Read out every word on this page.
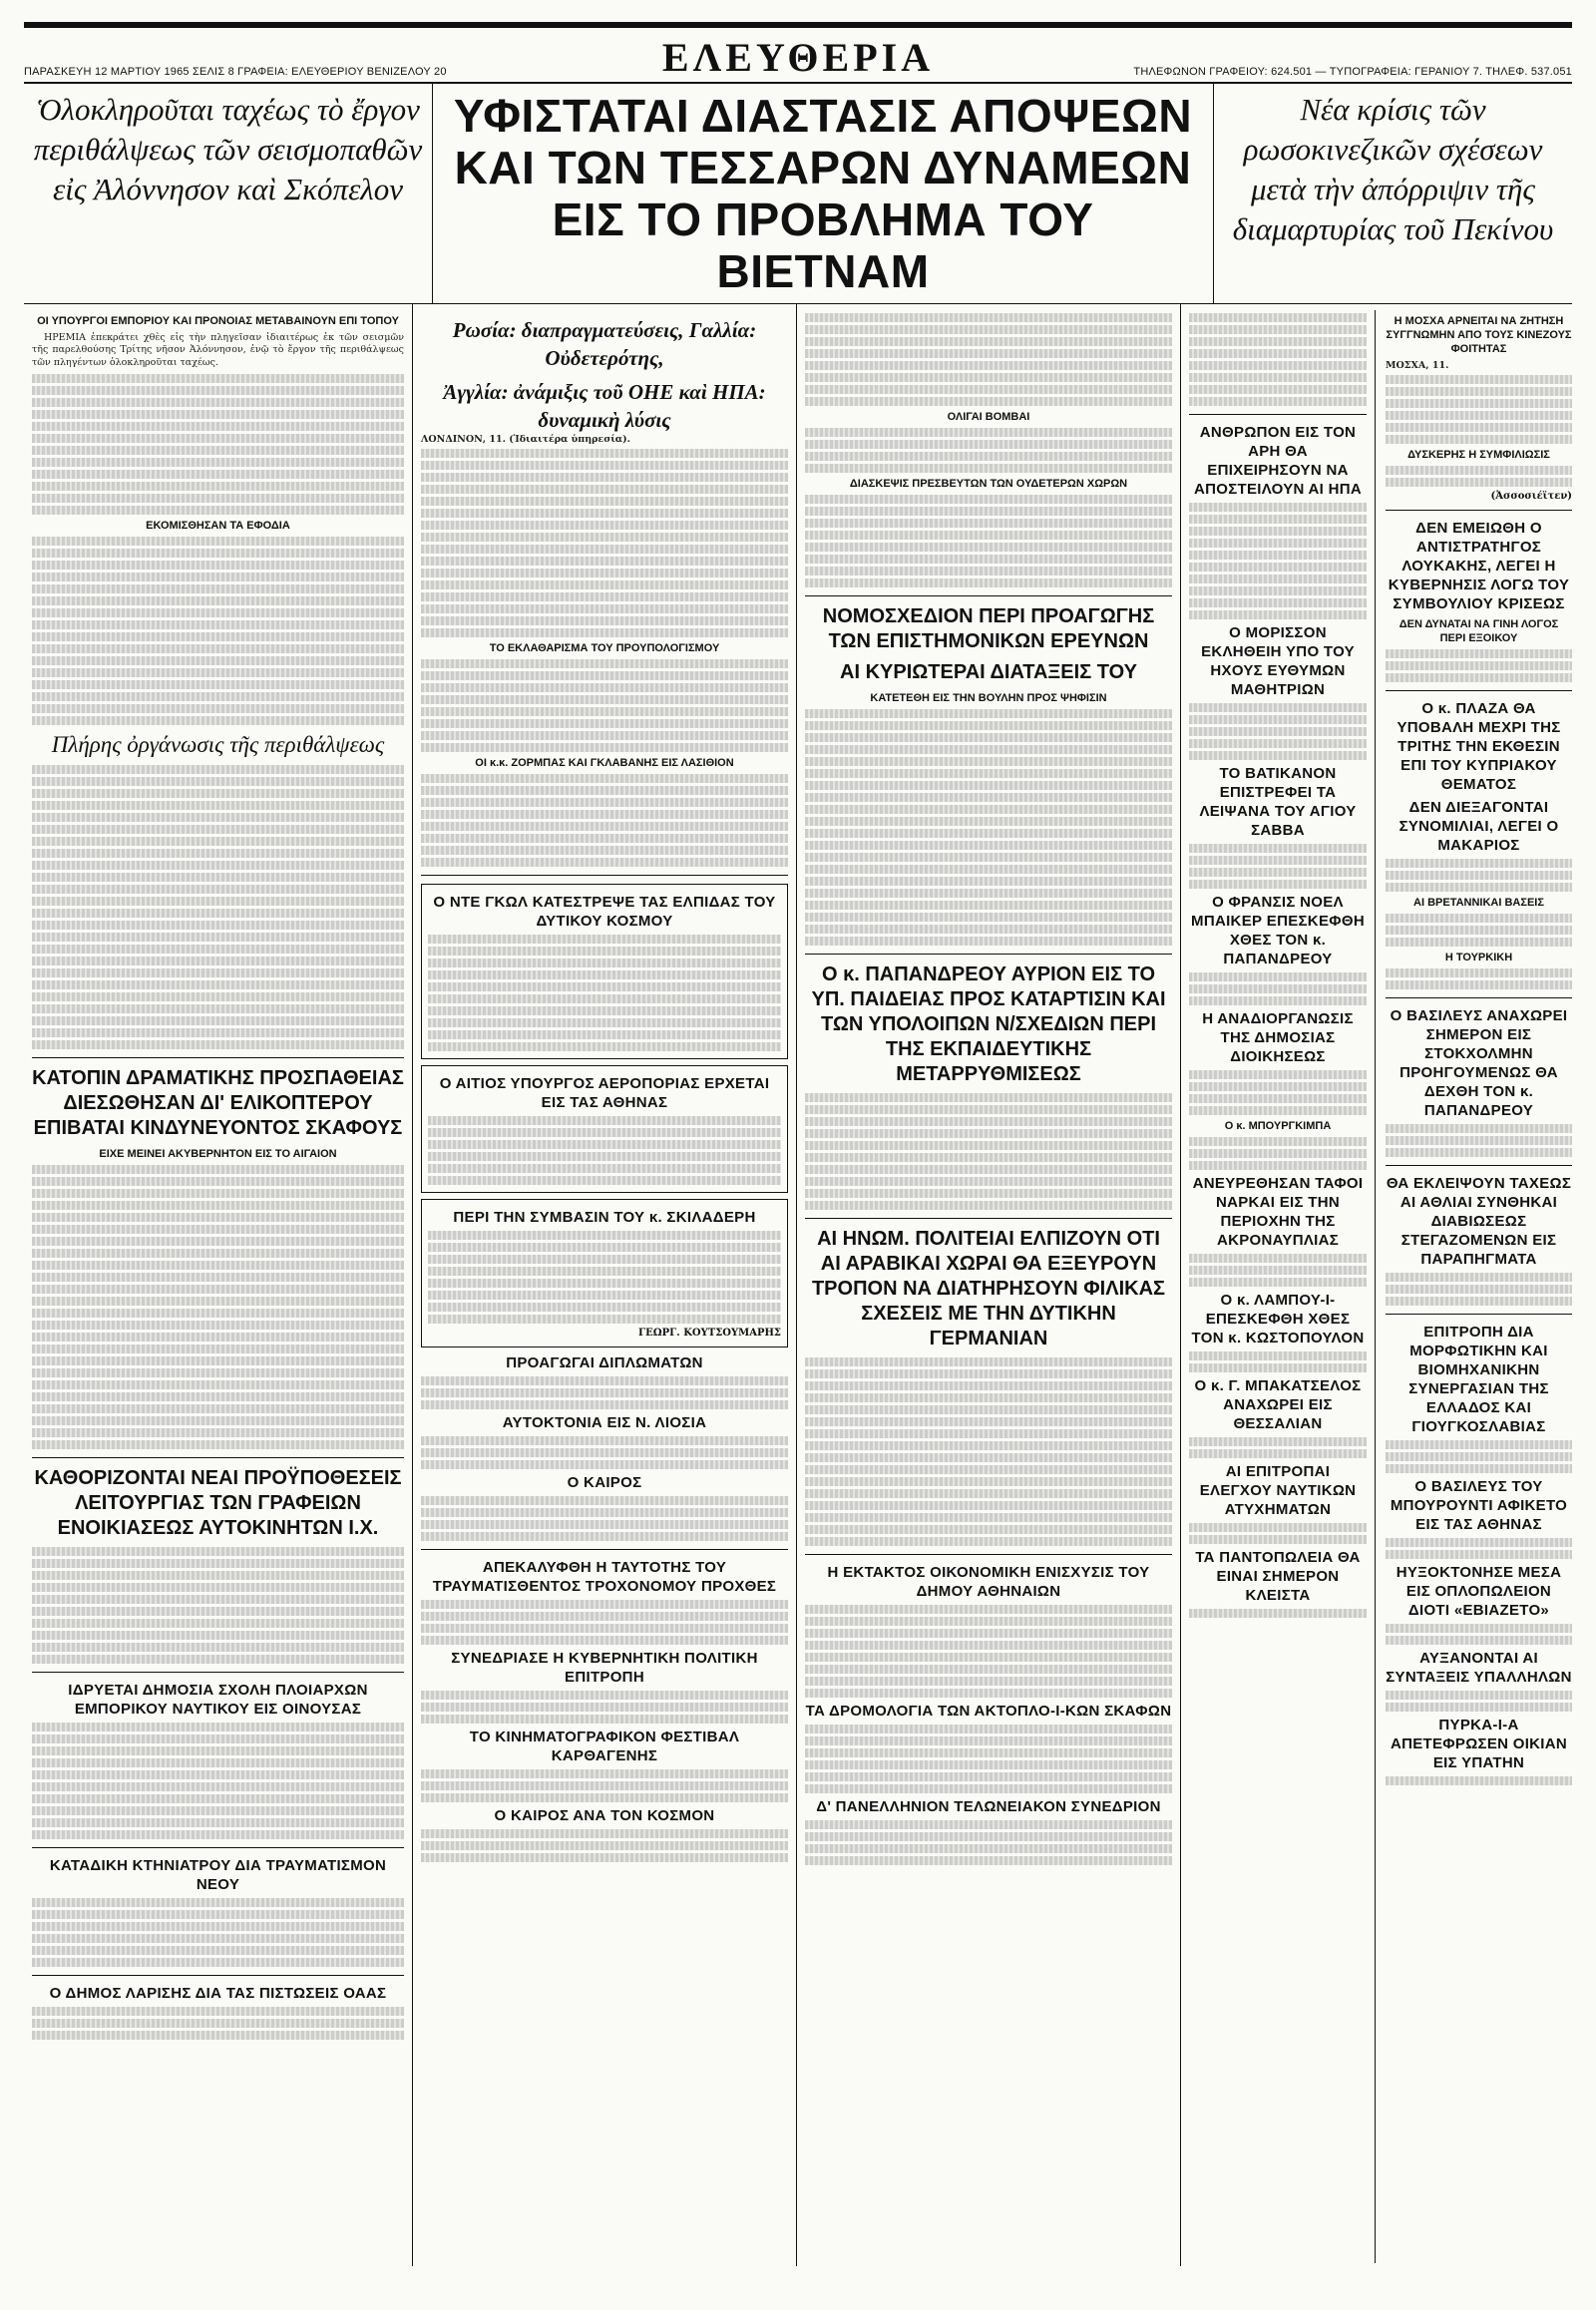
ΠΑΡΑΣΚΕΥΗ 12 ΜΑΡΤΙΟΥ 1965 ΣΕΛΙΣ 8 ΓΡΑΦΕΙΑ: ΕΛΕΥΘΕΡΙΟΥ ΒΕΝΙΖΕΛΟΥ 20	ΕΛΕΥΘΕΡΙΑ	ΤΗΛΕΦΩΝΟΝ ΓΡΑΦΕΙΟΥ: 624.501 — ΤΥΠΟΓΡΑΦΕΙΑ: ΓΕΡΑΝΙΟΥ 7. ΤΗΛΕΦ. 537.051
Ὁλοκληροῦται ταχέως τὸ ἔργον περιθάλψεως τῶν σεισμοπαθῶν εἰς Ἀλόννησον καὶ Σκόπελον
ΥΦΙΣΤΑΤΑΙ ΔΙΑΣΤΑΣΙΣ ΑΠΟΨΕΩΝ
ΚΑΙ ΤΩΝ ΤΕΣΣΑΡΩΝ ΔΥΝΑΜΕΩΝ
ΕΙΣ ΤΟ ΠΡΟΒΛΗΜΑ ΤΟΥ ΒΙΕΤΝΑΜ
Νέα κρίσις τῶν ρωσοκινεζικῶν σχέσεων μετὰ τὴν ἀπόρριψιν τῆς διαμαρτυρίας τοῦ Πεκίνου
ΟΙ ΥΠΟΥΡΓΟΙ ΕΜΠΟΡΙΟΥ ΚΑΙ ΠΡΟΝΟΙΑΣ ΜΕΤΑΒΑΙΝΟΥΝ ΕΠΙ ΤΟΠΟΥ

ΗΡΕΜΙΑ ἐπεκράτει χθὲς εἰς τὴν πληγεῖσαν ἰδιαιτέρως ἐκ τῶν σεισμῶν τῆς παρελθούσης Τρίτης νῆσον Ἀλόννησον, ἐνῷ τὸ ἔργον τῆς περιθάλψεως τῶν πληγέντων ὁλοκληροῦται ταχέως.

ΕΚΟΜΙΣΘΗΣΑΝ ΤΑ ΕΦΟΔΙΑ
Πλήρης ὀργάνωσις τῆς περιθάλψεως
ΚΑΤΟΠΙΝ ΔΡΑΜΑΤΙΚΗΣ ΠΡΟΣΠΑΘΕΙΑΣ ΔΙΕΣΩΘΗΣΑΝ ΔΙ' ΕΛΙΚΟΠΤΕΡΟΥ ΕΠΙΒΑΤΑΙ ΚΙΝΔΥΝΕΥΟΝΤΟΣ ΣΚΑΦΟΥΣ
ΕΙΧΕ ΜΕΙΝΕΙ ΑΚΥΒΕΡΝΗΤΟΝ ΕΙΣ ΤΟ ΑΙΓΑΙΟΝ
ΚΑΘΟΡΙΖΟΝΤΑΙ ΝΕΑΙ ΠΡΟΫΠΟΘΕΣΕΙΣ ΛΕΙΤΟΥΡΓΙΑΣ ΤΩΝ ΓΡΑΦΕΙΩΝ ΕΝΟΙΚΙΑΣΕΩΣ ΑΥΤΟΚΙΝΗΤΩΝ Ι.Χ.
ΙΔΡΥΕΤΑΙ ΔΗΜΟΣΙΑ ΣΧΟΛΗ ΠΛΟΙΑΡΧΩΝ ΕΜΠΟΡΙΚΟΥ ΝΑΥΤΙΚΟΥ ΕΙΣ ΟΙΝΟΥΣΑΣ
ΚΑΤΑΔΙΚΗ ΚΤΗΝΙΑΤΡΟΥ ΔΙΑ ΤΡΑΥΜΑΤΙΣΜΟΝ ΝΕΟΥ
Ο ΔΗΜΟΣ ΛΑΡΙΣΗΣ ΔΙΑ ΤΑΣ ΠΙΣΤΩΣΕΙΣ ΟΑΑΣ
Ρωσία: διαπραγματεύσεις, Γαλλία: Οὐδετερότης,
Ἀγγλία: ἀνάμιξις τοῦ ΟΗΕ καὶ ΗΠΑ: δυναμικὴ λύσις
ΛΟΝΔΙΝΟΝ, 11. (Ἰδιαιτέρα ὑπηρεσία).
ΤΟ ΕΚΛΑΘΑΡΙΣΜΑ ΤΟΥ ΠΡΟΥΠΟΛΟΓΙΣΜΟΥ
ΟΙ κ.κ. ΖΟΡΜΠΑΣ ΚΑΙ ΓΚΛΑΒΑΝΗΣ ΕΙΣ ΛΑΣΙΘΙΟΝ
Ο ΝΤΕ ΓΚΩΛ ΚΑΤΕΣΤΡΕΨΕ ΤΑΣ ΕΛΠΙΔΑΣ ΤΟΥ ΔΥΤΙΚΟΥ ΚΟΣΜΟΥ
Ο ΑΙΤΙΟΣ ΥΠΟΥΡΓΟΣ ΑΕΡΟΠΟΡΙΑΣ ΕΡΧΕΤΑΙ ΕΙΣ ΤΑΣ ΑΘΗΝΑΣ
ΠΕΡΙ ΤΗΝ ΣΥΜΒΑΣΙΝ ΤΟΥ κ. ΣΚΙΛΑΔΕΡΗ
ΓΕΩΡΓ. ΚΟΥΤΣΟΥΜΑΡΗΣ
ΠΡΟΑΓΩΓΑΙ ΔΙΠΛΩΜΑΤΩΝ
ΑΥΤΟΚΤΟΝΙΑ ΕΙΣ Ν. ΛΙΟΣΙΑ
Ο ΚΑΙΡΟΣ
ΑΠΕΚΑΛΥΦΘΗ Η ΤΑΥΤΟΤΗΣ ΤΟΥ ΤΡΑΥΜΑΤΙΣΘΕΝΤΟΣ ΤΡΟΧΟΝΟΜΟΥ ΠΡΟΧΘΕΣ
ΣΥΝΕΔΡΙΑΣΕ Η ΚΥΒΕΡΝΗΤΙΚΗ ΠΟΛΙΤΙΚΗ ΕΠΙΤΡΟΠΗ
ΤΟ ΚΙΝΗΜΑΤΟΓΡΑΦΙΚΟΝ ΦΕΣΤΙΒΑΛ ΚΑΡΘΑΓΕΝΗΣ
Ο ΚΑΙΡΟΣ ΑΝΑ ΤΟΝ ΚΟΣΜΟΝ
ΟΛΙΓΑΙ ΒΟΜΒΑΙ
ΔΙΑΣΚΕΨΙΣ ΠΡΕΣΒΕΥΤΩΝ ΤΩΝ ΟΥΔΕΤΕΡΩΝ ΧΩΡΩΝ
ΝΟΜΟΣΧΕΔΙΟΝ ΠΕΡΙ ΠΡΟΑΓΩΓΗΣ ΤΩΝ ΕΠΙΣΤΗΜΟΝΙΚΩΝ ΕΡΕΥΝΩΝ
ΑΙ ΚΥΡΙΩΤΕΡΑΙ ΔΙΑΤΑΞΕΙΣ ΤΟΥ
ΚΑΤΕΤΕΘΗ ΕΙΣ ΤΗΝ ΒΟΥΛΗΝ ΠΡΟΣ ΨΗΦΙΣΙΝ
Ο κ. ΠΑΠΑΝΔΡΕΟΥ ΑΥΡΙΟΝ ΕΙΣ ΤΟ ΥΠ. ΠΑΙΔΕΙΑΣ ΠΡΟΣ ΚΑΤΑΡΤΙΣΙΝ ΚΑΙ ΤΩΝ ΥΠΟΛΟΙΠΩΝ Ν/ΣΧΕΔΙΩΝ ΠΕΡΙ ΤΗΣ ΕΚΠΑΙΔΕΥΤΙΚΗΣ ΜΕΤΑΡΡΥΘΜΙΣΕΩΣ
ΑΙ ΗΝΩΜ. ΠΟΛΙΤΕΙΑΙ ΕΛΠΙΖΟΥΝ ΟΤΙ ΑΙ ΑΡΑΒΙΚΑΙ ΧΩΡΑΙ ΘΑ ΕΞΕΥΡΟΥΝ ΤΡΟΠΟΝ ΝΑ ΔΙΑΤΗΡΗΣΟΥΝ ΦΙΛΙΚΑΣ ΣΧΕΣΕΙΣ ΜΕ ΤΗΝ ΔΥΤΙΚΗΝ ΓΕΡΜΑΝΙΑΝ
Η ΕΚΤΑΚΤΟΣ ΟΙΚΟΝΟΜΙΚΗ ΕΝΙΣΧΥΣΙΣ ΤΟΥ ΔΗΜΟΥ ΑΘΗΝΑΙΩΝ
ΤΑ ΔΡΟΜΟΛΟΓΙΑ ΤΩΝ ΑΚΤΟΠΛΟ-Ι-ΚΩΝ ΣΚΑΦΩΝ
Δ' ΠΑΝΕΛΛΗΝΙΟΝ ΤΕΛΩΝΕΙΑΚΟΝ ΣΥΝΕΔΡΙΟΝ
ΑΝΘΡΩΠΟΝ ΕΙΣ ΤΟΝ ΑΡΗ ΘΑ ΕΠΙΧΕΙΡΗΣΟΥΝ ΝΑ ΑΠΟΣΤΕΙΛΟΥΝ ΑΙ ΗΠΑ
Ο ΜΟΡΙΣΣΟΝ ΕΚΛΗΘΕΙΗ ΥΠΟ ΤΟΥ ΗΧΟΥΣ ΕΥΘΥΜΩΝ ΜΑΘΗΤΡΙΩΝ
ΤΟ ΒΑΤΙΚΑΝΟΝ ΕΠΙΣΤΡΕΦΕΙ ΤΑ ΛΕΙΨΑΝΑ ΤΟΥ ΑΓΙΟΥ ΣΑΒΒΑ
Ο ΦΡΑΝΣΙΣ ΝΟΕΛ ΜΠΑΙΚΕΡ ΕΠΕΣΚΕΦΘΗ ΧΘΕΣ ΤΟΝ κ. ΠΑΠΑΝΔΡΕΟΥ
Η ΑΝΑΔΙΟΡΓΑΝΩΣΙΣ ΤΗΣ ΔΗΜΟΣΙΑΣ ΔΙΟΙΚΗΣΕΩΣ
Ο κ. ΜΠΟΥΡΓΚΙΜΠΑ
ΑΝΕΥΡΕΘΗΣΑΝ ΤΑΦΟΙ ΝΑΡΚΑΙ ΕΙΣ ΤΗΝ ΠΕΡΙΟΧΗΝ ΤΗΣ ΑΚΡΟΝΑΥΠΛΙΑΣ
Ο κ. ΛΑΜΠΟΥ-Ι-ΕΠΕΣΚΕΦΘΗ ΧΘΕΣ ΤΟΝ κ. ΚΩΣΤΟΠΟΥΛΟΝ
Ο κ. Γ. ΜΠΑΚΑΤΣΕΛΟΣ ΑΝΑΧΩΡΕΙ ΕΙΣ ΘΕΣΣΑΛΙΑΝ
ΑΙ ΕΠΙΤΡΟΠΑΙ ΕΛΕΓΧΟΥ ΝΑΥΤΙΚΩΝ ΑΤΥΧΗΜΑΤΩΝ
ΤΑ ΠΑΝΤΟΠΩΛΕΙΑ ΘΑ ΕΙΝΑΙ ΣΗΜΕΡΟΝ ΚΛΕΙΣΤΑ
Η ΜΟΣΧΑ ΑΡΝΕΙΤΑΙ ΝΑ ΖΗΤΗΣΗ ΣΥΓΓΝΩΜΗΝ ΑΠΟ ΤΟΥΣ ΚΙΝΕΖΟΥΣ ΦΟΙΤΗΤΑΣ
ΜΟΣΧΑ, 11.
ΔΥΣΚΕΡΗΣ Η ΣΥΜΦΙΛΙΩΣΙΣ
(Ἀσσοσιέϊτεν)
ΔΕΝ ΕΜΕΙΩΘΗ Ο ΑΝΤΙΣΤΡΑΤΗΓΟΣ ΛΟΥΚΑΚΗΣ, ΛΕΓΕΙ Η ΚΥΒΕΡΝΗΣΙΣ ΛΟΓΩ ΤΟΥ ΣΥΜΒΟΥΛΙΟΥ ΚΡΙΣΕΩΣ
ΔΕΝ ΔΥΝΑΤΑΙ ΝΑ ΓΙΝΗ ΛΟΓΟΣ ΠΕΡΙ ΕΞΟΙΚΟΥ
Ο κ. ΠΛΑΖΑ ΘΑ ΥΠΟΒΑΛΗ ΜΕΧΡΙ ΤΗΣ ΤΡΙΤΗΣ ΤΗΝ ΕΚΘΕΣΙΝ ΕΠΙ ΤΟΥ ΚΥΠΡΙΑΚΟΥ ΘΕΜΑΤΟΣ
ΔΕΝ ΔΙΕΞΑΓΟΝΤΑΙ ΣΥΝΟΜΙΛΙΑΙ, ΛΕΓΕΙ Ο ΜΑΚΑΡΙΟΣ
ΑΙ ΒΡΕΤΑΝΝΙΚΑΙ ΒΑΣΕΙΣ
Η ΤΟΥΡΚΙΚΗ
Ο ΒΑΣΙΛΕΥΣ ΑΝΑΧΩΡΕΙ ΣΗΜΕΡΟΝ ΕΙΣ ΣΤΟΚΧΟΛΜΗΝ ΠΡΟΗΓΟΥΜΕΝΩΣ ΘΑ ΔΕΧΘΗ ΤΟΝ κ. ΠΑΠΑΝΔΡΕΟΥ
ΘΑ ΕΚΛΕΙΨΟΥΝ ΤΑΧΕΩΣ ΑΙ ΑΘΛΙΑΙ ΣΥΝΘΗΚΑΙ ΔΙΑΒΙΩΣΕΩΣ ΣΤΕΓΑΖΟΜΕΝΩΝ ΕΙΣ ΠΑΡΑΠΗΓΜΑΤΑ
ΕΠΙΤΡΟΠΗ ΔΙΑ ΜΟΡΦΩΤΙΚΗΝ ΚΑΙ ΒΙΟΜΗΧΑΝΙΚΗΝ ΣΥΝΕΡΓΑΣΙΑΝ ΤΗΣ ΕΛΛΑΔΟΣ ΚΑΙ ΓΙΟΥΓΚΟΣΛΑΒΙΑΣ
Ο ΒΑΣΙΛΕΥΣ ΤΟΥ ΜΠΟΥΡΟΥΝΤΙ ΑΦΙΚΕΤΟ ΕΙΣ ΤΑΣ ΑΘΗΝΑΣ
ΗΥΞΟΚΤΟΝΗΣΕ ΜΕΣΑ ΕΙΣ ΟΠΛΟΠΩΛΕΙΟΝ ΔΙΟΤΙ «ΕΒΙΑΖΕΤΟ»
ΑΥΞΑΝΟΝΤΑΙ ΑΙ ΣΥΝΤΑΞΕΙΣ ΥΠΑΛΛΗΛΩΝ
ΠΥΡΚΑ-Ι-Α ΑΠΕΤΕΦΡΩΣΕΝ ΟΙΚΙΑΝ ΕΙΣ ΥΠΑΤΗΝ
